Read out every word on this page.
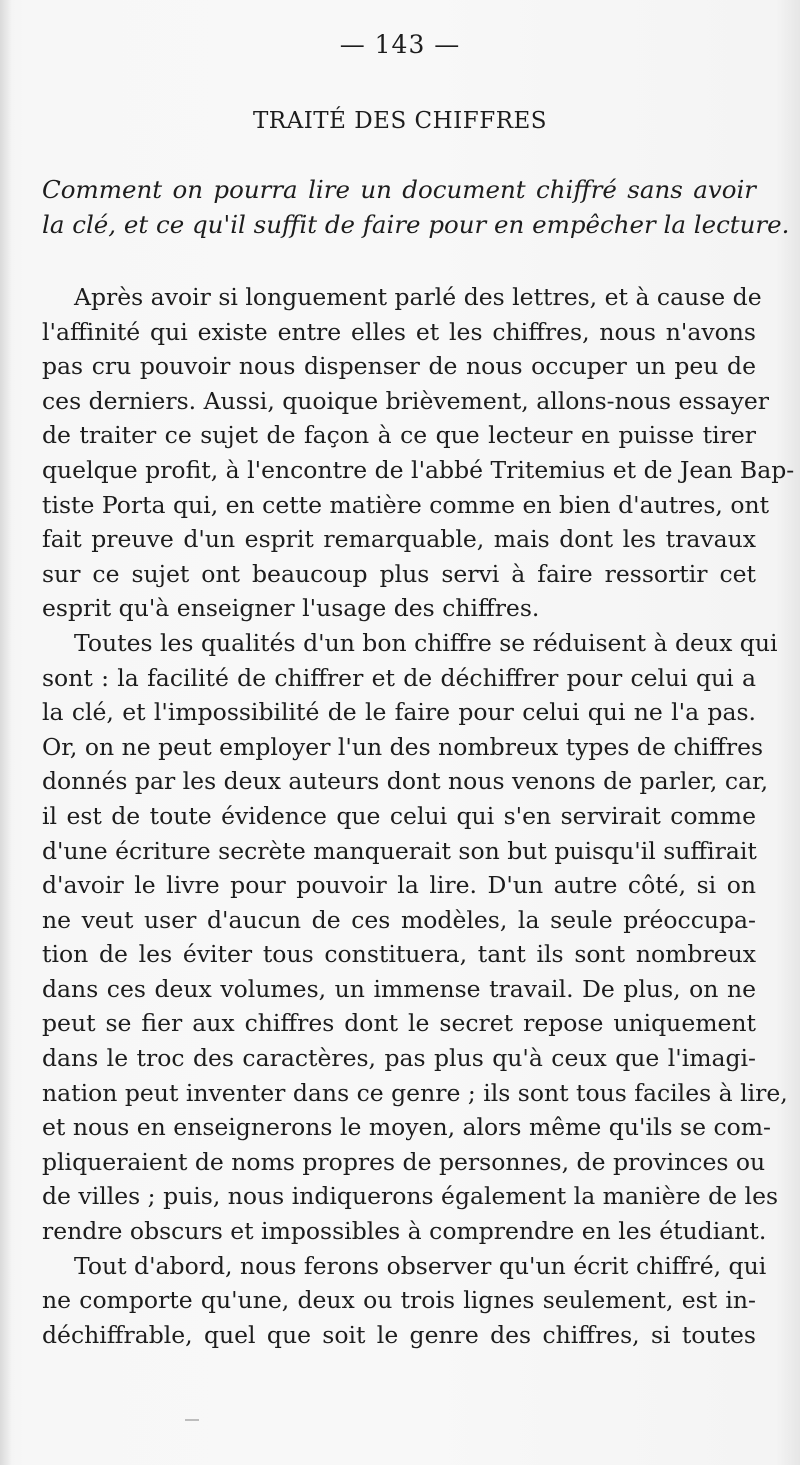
— 143 —
TRAITÉ DES CHIFFRES
Comment on pourra lire un document chiffré sans avoir
la clé, et ce qu'il suffit de faire pour en empêcher la lecture.
Après avoir si longuement parlé des lettres, et à cause de
l'affinité qui existe entre elles et les chiffres, nous n'avons
pas cru pouvoir nous dispenser de nous occuper un peu de
ces derniers. Aussi, quoique brièvement, allons-nous essayer
de traiter ce sujet de façon à ce que lecteur en puisse tirer
quelque profit, à l'encontre de l'abbé Tritemius et de Jean Bap-
tiste Porta qui, en cette matière comme en bien d'autres, ont
fait preuve d'un esprit remarquable, mais dont les travaux
sur ce sujet ont beaucoup plus servi à faire ressortir cet
esprit qu'à enseigner l'usage des chiffres.
Toutes les qualités d'un bon chiffre se réduisent à deux qui
sont : la facilité de chiffrer et de déchiffrer pour celui qui a
la clé, et l'impossibilité de le faire pour celui qui ne l'a pas.
Or, on ne peut employer l'un des nombreux types de chiffres
donnés par les deux auteurs dont nous venons de parler, car,
il est de toute évidence que celui qui s'en servirait comme
d'une écriture secrète manquerait son but puisqu'il suffirait
d'avoir le livre pour pouvoir la lire. D'un autre côté, si on
ne veut user d'aucun de ces modèles, la seule préoccupa-
tion de les éviter tous constituera, tant ils sont nombreux
dans ces deux volumes, un immense travail. De plus, on ne
peut se fier aux chiffres dont le secret repose uniquement
dans le troc des caractères, pas plus qu'à ceux que l'imagi-
nation peut inventer dans ce genre ; ils sont tous faciles à lire,
et nous en enseignerons le moyen, alors même qu'ils se com-
pliqueraient de noms propres de personnes, de provinces ou
de villes ; puis, nous indiquerons également la manière de les
rendre obscurs et impossibles à comprendre en les étudiant.
Tout d'abord, nous ferons observer qu'un écrit chiffré, qui
ne comporte qu'une, deux ou trois lignes seulement, est in-
déchiffrable, quel que soit le genre des chiffres, si toutes
